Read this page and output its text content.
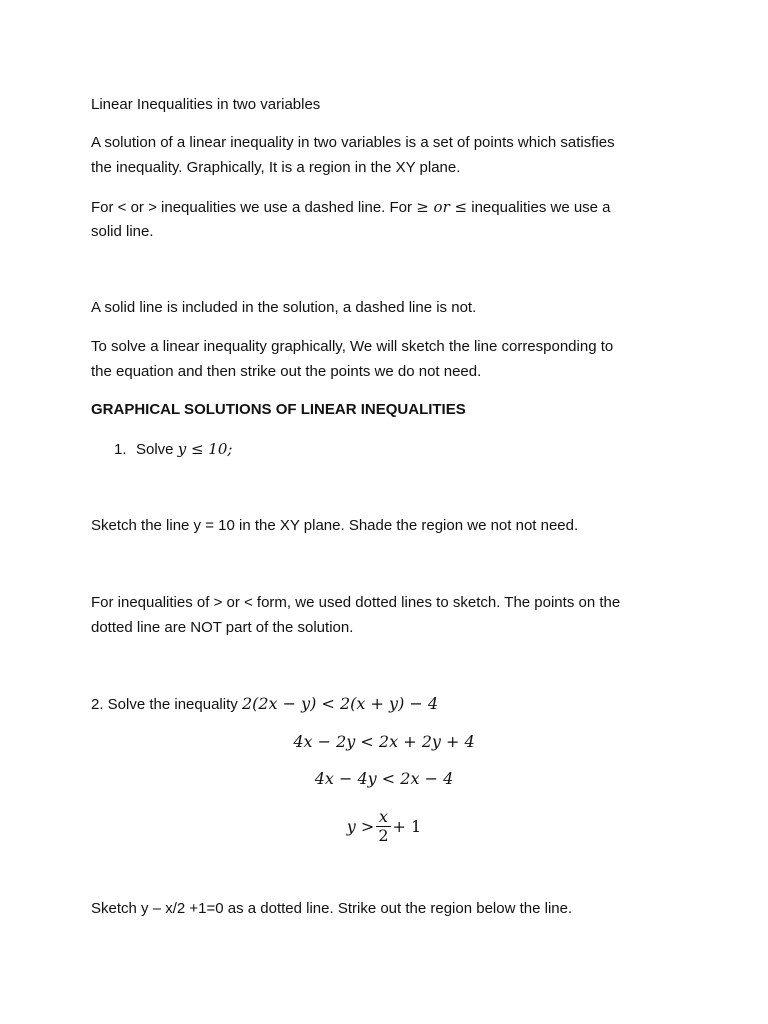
Linear Inequalities in two variables
A solution of a linear inequality in two variables is a set of points which satisfies
the inequality. Graphically, It is a region in the XY plane.
For < or > inequalities we use a dashed line. For ≥ or ≤ inequalities we use a
solid line.
A solid line is included in the solution, a dashed line is not.
To solve a linear inequality graphically, We will sketch the line corresponding to
the equation and then strike out the points we do not need.
GRAPHICAL SOLUTIONS OF LINEAR INEQUALITIES
1. Solve y ≤ 10;
Sketch the line y = 10 in the XY plane. Shade the region we not not need.
For inequalities of > or < form, we used dotted lines to sketch. The points on the
dotted line are NOT part of the solution.
2. Solve the inequality 2(2x − y) < 2(x + y) − 4
4x − 2y < 2x + 2y + 4
4x − 4y < 2x − 4
$y > \frac{x}{2} + 1$
Sketch y – x/2 +1=0 as a dotted line. Strike out the region below the line.
